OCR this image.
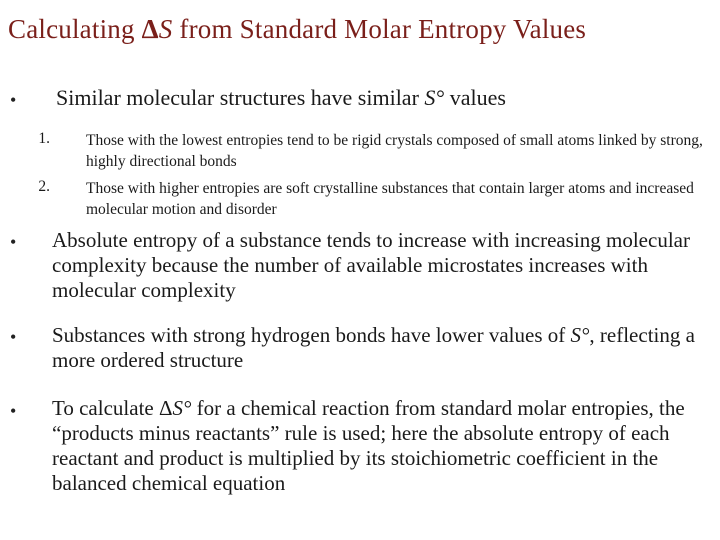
Calculating ΔS from Standard Molar Entropy Values
• Similar molecular structures have similar S° values
1. Those with the lowest entropies tend to be rigid crystals composed of small atoms linked by strong, highly directional bonds
2. Those with higher entropies are soft crystalline substances that contain larger atoms and increased molecular motion and disorder
• Absolute entropy of a substance tends to increase with increasing molecular complexity because the number of available microstates increases with molecular complexity
• Substances with strong hydrogen bonds have lower values of S°, reflecting a more ordered structure
• To calculate ΔS° for a chemical reaction from standard molar entropies, the “products minus reactants” rule is used; here the absolute entropy of each reactant and product is multiplied by its stoichiometric coefficient in the balanced chemical equation
